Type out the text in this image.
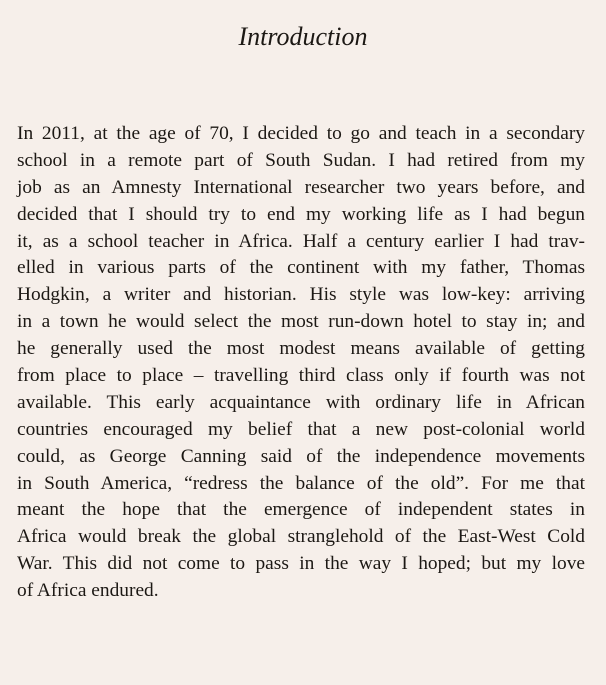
Introduction

In 2011, at the age of 70, I decided to go and teach in a secondary
school in a remote part of South Sudan. I had retired from my
job as an Amnesty International researcher two years before, and
decided that I should try to end my working life as I had begun
it, as a school teacher in Africa. Half a century earlier I had trav-
elled in various parts of the continent with my father, Thomas
Hodgkin, a writer and historian. His style was low-key: arriving
in a town he would select the most run-down hotel to stay in; and
he generally used the most modest means available of getting
from place to place – travelling third class only if fourth was not
available. This early acquaintance with ordinary life in African
countries encouraged my belief that a new post-colonial world
could, as George Canning said of the independence movements
in South America, “redress the balance of the old”. For me that
meant the hope that the emergence of independent states in
Africa would break the global stranglehold of the East-West Cold
War. This did not come to pass in the way I hoped; but my love
of Africa endured.
